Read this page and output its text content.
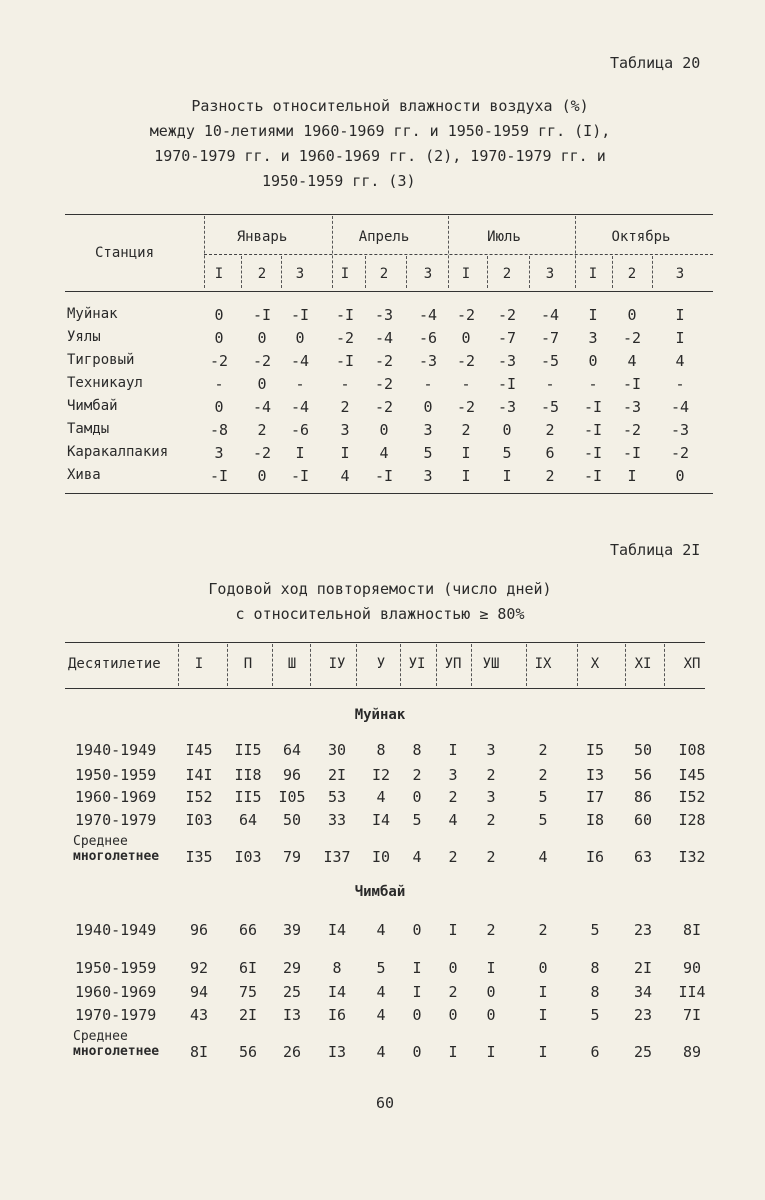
Таблица 20
Разность относительной влажности воздуха (%)
между 10-летиями 1960-1969 гг. и 1950-1959 гг. (I),
1970-1979 гг. и 1960-1969 гг. (2), 1970-1979 гг. и
1950-1959 гг. (3)
Станция
Январь	Апрель	Июль	Октябрь
I	2	3	I	2	3	I	2	3	I	2	3
Муйнак	0	-I	-I	-I	-3	-4	-2	-2	-4	I	0	I
Уялы	0	0	0	-2	-4	-6	0	-7	-7	3	-2	I
Тигровый	-2	-2	-4	-I	-2	-3	-2	-3	-5	0	4	4
Техникаул	-	0	-	-	-2	-	-	-I	-	-	-I	-
Чимбай	0	-4	-4	2	-2	0	-2	-3	-5	-I	-3	-4
Тамды	-8	2	-6	3	0	3	2	0	2	-I	-2	-3
Каракалпакия	3	-2	I	I	4	5	I	5	6	-I	-I	-2
Хива	-I	0	-I	4	-I	3	I	I	2	-I	I	0
Таблица 2I
Годовой ход повторяемости (число дней)
с относительной влажностью ≥ 80%
Десятилетие	I	П	Ш	IУ	У	УI	УП	УШ	IX	X	XI	XП
Муйнак
1940-1949	I45	II5	64	30	8	8	I	3	2	I5	50	I08
1950-1959	I4I	II8	96	2I	I2	2	3	2	2	I3	56	I45
1960-1969	I52	II5	I05	53	4	0	2	3	5	I7	86	I52
1970-1979	I03	64	50	33	I4	5	4	2	5	I8	60	I28
Среднее
многолетнее	I35	I03	79	I37	I0	4	2	2	4	I6	63	I32
Чимбай
1940-1949	96	66	39	I4	4	0	I	2	2	5	23	8I
1950-1959	92	6I	29	8	5	I	0	I	0	8	2I	90
1960-1969	94	75	25	I4	4	I	2	0	I	8	34	II4
1970-1979	43	2I	I3	I6	4	0	0	0	I	5	23	7I
Среднее
многолетнее	8I	56	26	I3	4	0	I	I	I	6	25	89
60
